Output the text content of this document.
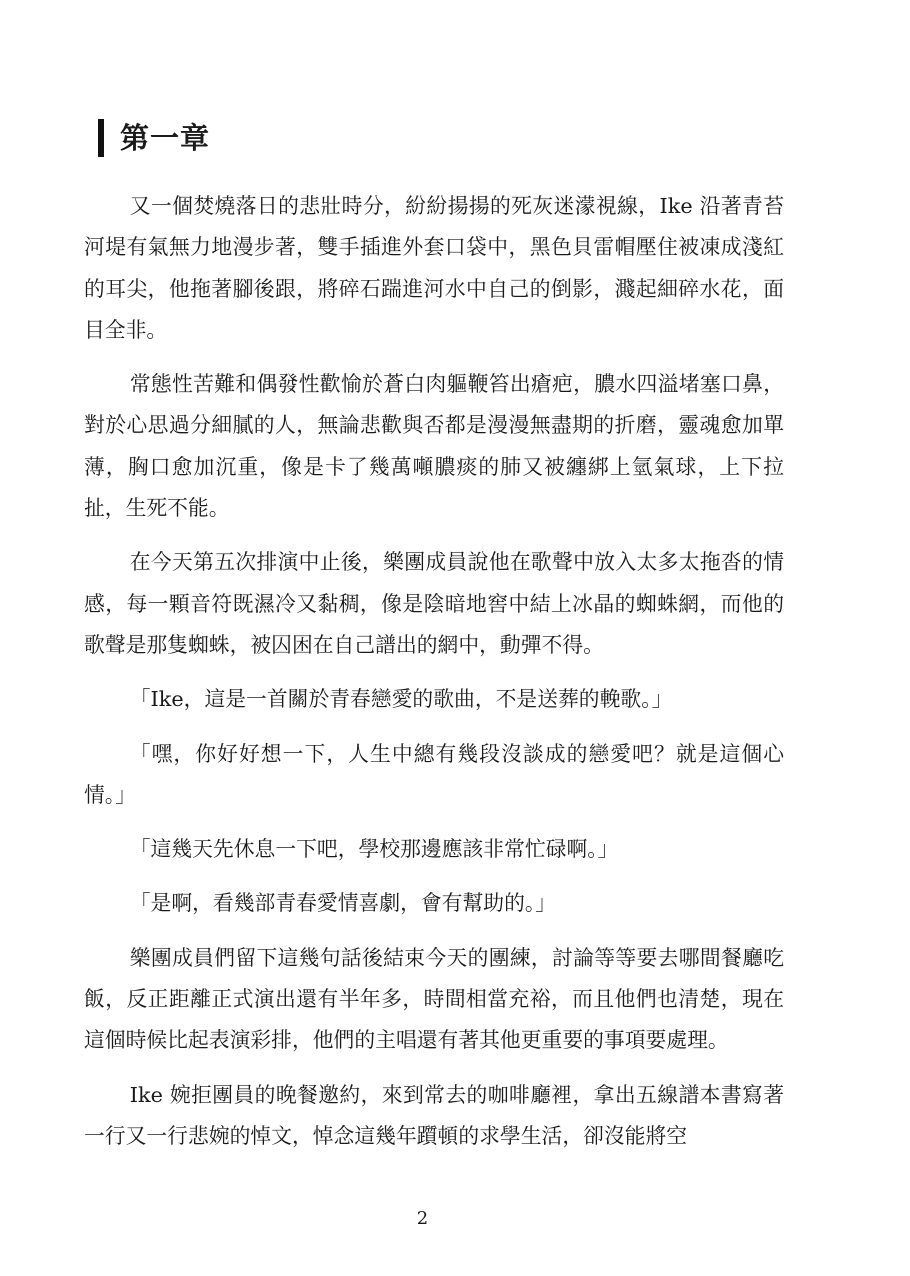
第一章

又一個焚燒落日的悲壯時分，紛紛揚揚的死灰迷濛視線，Ike 沿著青苔河堤有氣無力地漫步著，雙手插進外套口袋中，黑色貝雷帽壓住被凍成淺紅的耳尖，他拖著腳後跟，將碎石踹進河水中自己的倒影，濺起細碎水花，面目全非。

常態性苦難和偶發性歡愉於蒼白肉軀鞭笞出瘡疤，膿水四溢堵塞口鼻，對於心思過分細膩的人，無論悲歡與否都是漫漫無盡期的折磨，靈魂愈加單薄，胸口愈加沉重，像是卡了幾萬噸膿痰的肺又被纏綁上氫氣球，上下拉扯，生死不能。

在今天第五次排演中止後，樂團成員說他在歌聲中放入太多太拖沓的情感，每一顆音符既濕冷又黏稠，像是陰暗地窖中結上冰晶的蜘蛛網，而他的歌聲是那隻蜘蛛，被囚困在自己譜出的網中，動彈不得。

「Ike，這是一首關於青春戀愛的歌曲，不是送葬的輓歌。」

「嘿，你好好想一下，人生中總有幾段沒談成的戀愛吧？就是這個心情。」

「這幾天先休息一下吧，學校那邊應該非常忙碌啊。」

「是啊，看幾部青春愛情喜劇，會有幫助的。」

樂團成員們留下這幾句話後結束今天的團練，討論等等要去哪間餐廳吃飯，反正距離正式演出還有半年多，時間相當充裕，而且他們也清楚，現在這個時候比起表演彩排，他們的主唱還有著其他更重要的事項要處理。

Ike 婉拒團員的晚餐邀約，來到常去的咖啡廳裡，拿出五線譜本書寫著一行又一行悲婉的悼文，悼念這幾年躓頓的求學生活，卻沒能將空

2
